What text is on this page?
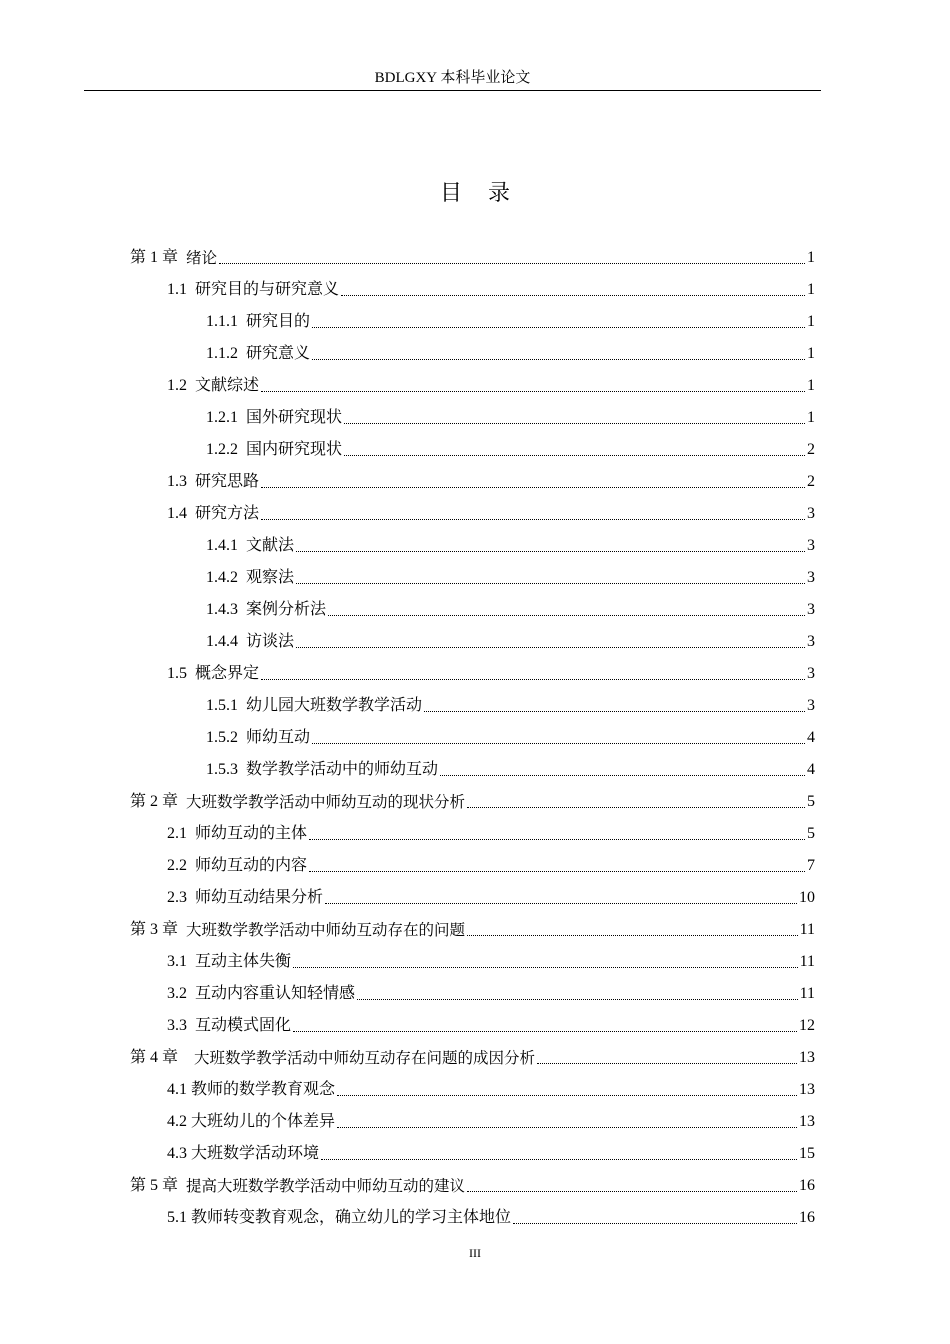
BDLGXY 本科毕业论文
目录
第 1 章 绪论	1
1.1 研究目的与研究意义	1
1.1.1 研究目的	1
1.1.2 研究意义	1
1.2 文献综述	1
1.2.1 国外研究现状	1
1.2.2 国内研究现状	2
1.3 研究思路	2
1.4 研究方法	3
1.4.1 文献法	3
1.4.2 观察法	3
1.4.3 案例分析法	3
1.4.4 访谈法	3
1.5 概念界定	3
1.5.1 幼儿园大班数学教学活动	3
1.5.2 师幼互动	4
1.5.3 数学教学活动中的师幼互动	4
第 2 章 大班数学教学活动中师幼互动的现状分析	5
2.1 师幼互动的主体	5
2.2 师幼互动的内容	7
2.3 师幼互动结果分析	10
第 3 章 大班数学教学活动中师幼互动存在的问题	11
3.1 互动主体失衡	11
3.2 互动内容重认知轻情感	11
3.3 互动模式固化	12
第 4 章 大班数学教学活动中师幼互动存在问题的成因分析	13
4.1 教师的数学教育观念	13
4.2 大班幼儿的个体差异	13
4.3 大班数学活动环境	15
第 5 章 提高大班数学教学活动中师幼互动的建议	16
5.1 教师转变教育观念，确立幼儿的学习主体地位	16
III
